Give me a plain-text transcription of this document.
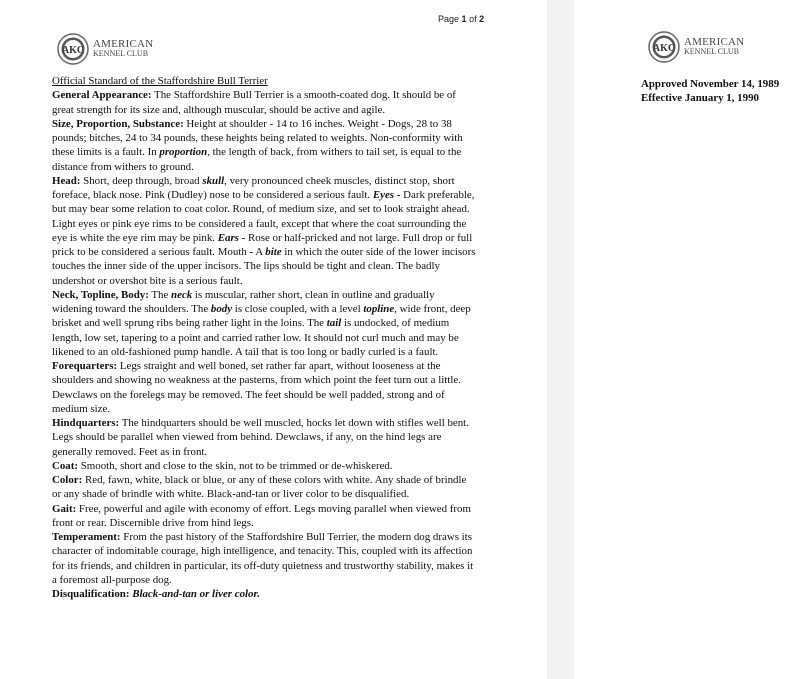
Page 1 of 2
AKC
AMERICAN
KENNEL CLUB
Official Standard of the Staffordshire Bull Terrier
General Appearance: The Staffordshire Bull Terrier is a smooth-coated dog. It should be of
great strength for its size and, although muscular, should be active and agile.
Size, Proportion, Substance: Height at shoulder - 14 to 16 inches. Weight - Dogs, 28 to 38
pounds; bitches, 24 to 34 pounds, these heights being related to weights. Non-conformity with
these limits is a fault. In proportion, the length of back, from withers to tail set, is equal to the
distance from withers to ground.
Head: Short, deep through, broad skull, very pronounced cheek muscles, distinct stop, short
foreface, black nose. Pink (Dudley) nose to be considered a serious fault. Eyes - Dark preferable,
but may bear some relation to coat color. Round, of medium size, and set to look straight ahead.
Light eyes or pink eye rims to be considered a fault, except that where the coat surrounding the
eye is white the eye rim may be pink. Ears - Rose or half-pricked and not large. Full drop or full
prick to be considered a serious fault. Mouth - A bite in which the outer side of the lower incisors
touches the inner side of the upper incisors. The lips should be tight and clean. The badly
undershot or overshot bite is a serious fault.
Neck, Topline, Body: The neck is muscular, rather short, clean in outline and gradually
widening toward the shoulders. The body is close coupled, with a level topline, wide front, deep
brisket and well sprung ribs being rather light in the loins. The tail is undocked, of medium
length, low set, tapering to a point and carried rather low. It should not curl much and may be
likened to an old-fashioned pump handle. A tail that is too long or badly curled is a fault.
Forequarters: Legs straight and well boned, set rather far apart, without looseness at the
shoulders and showing no weakness at the pasterns, from which point the feet turn out a little.
Dewclaws on the forelegs may be removed. The feet should be well padded, strong and of
medium size.
Hindquarters: The hindquarters should be well muscled, hocks let down with stifles well bent.
Legs should be parallel when viewed from behind. Dewclaws, if any, on the hind legs are
generally removed. Feet as in front.
Coat: Smooth, short and close to the skin, not to be trimmed or de-whiskered.
Color: Red, fawn, white, black or blue, or any of these colors with white. Any shade of brindle
or any shade of brindle with white. Black-and-tan or liver color to be disqualified.
Gait: Free, powerful and agile with economy of effort. Legs moving parallel when viewed from
front or rear. Discernible drive from hind legs.
Temperament: From the past history of the Staffordshire Bull Terrier, the modern dog draws its
character of indomitable courage, high intelligence, and tenacity. This, coupled with its affection
for its friends, and children in particular, its off-duty quietness and trustworthy stability, makes it
a foremost all-purpose dog.
Disqualification: Black-and-tan or liver color.
AKC
AMERICAN
KENNEL CLUB
Approved November 14, 1989
Effective January 1, 1990
